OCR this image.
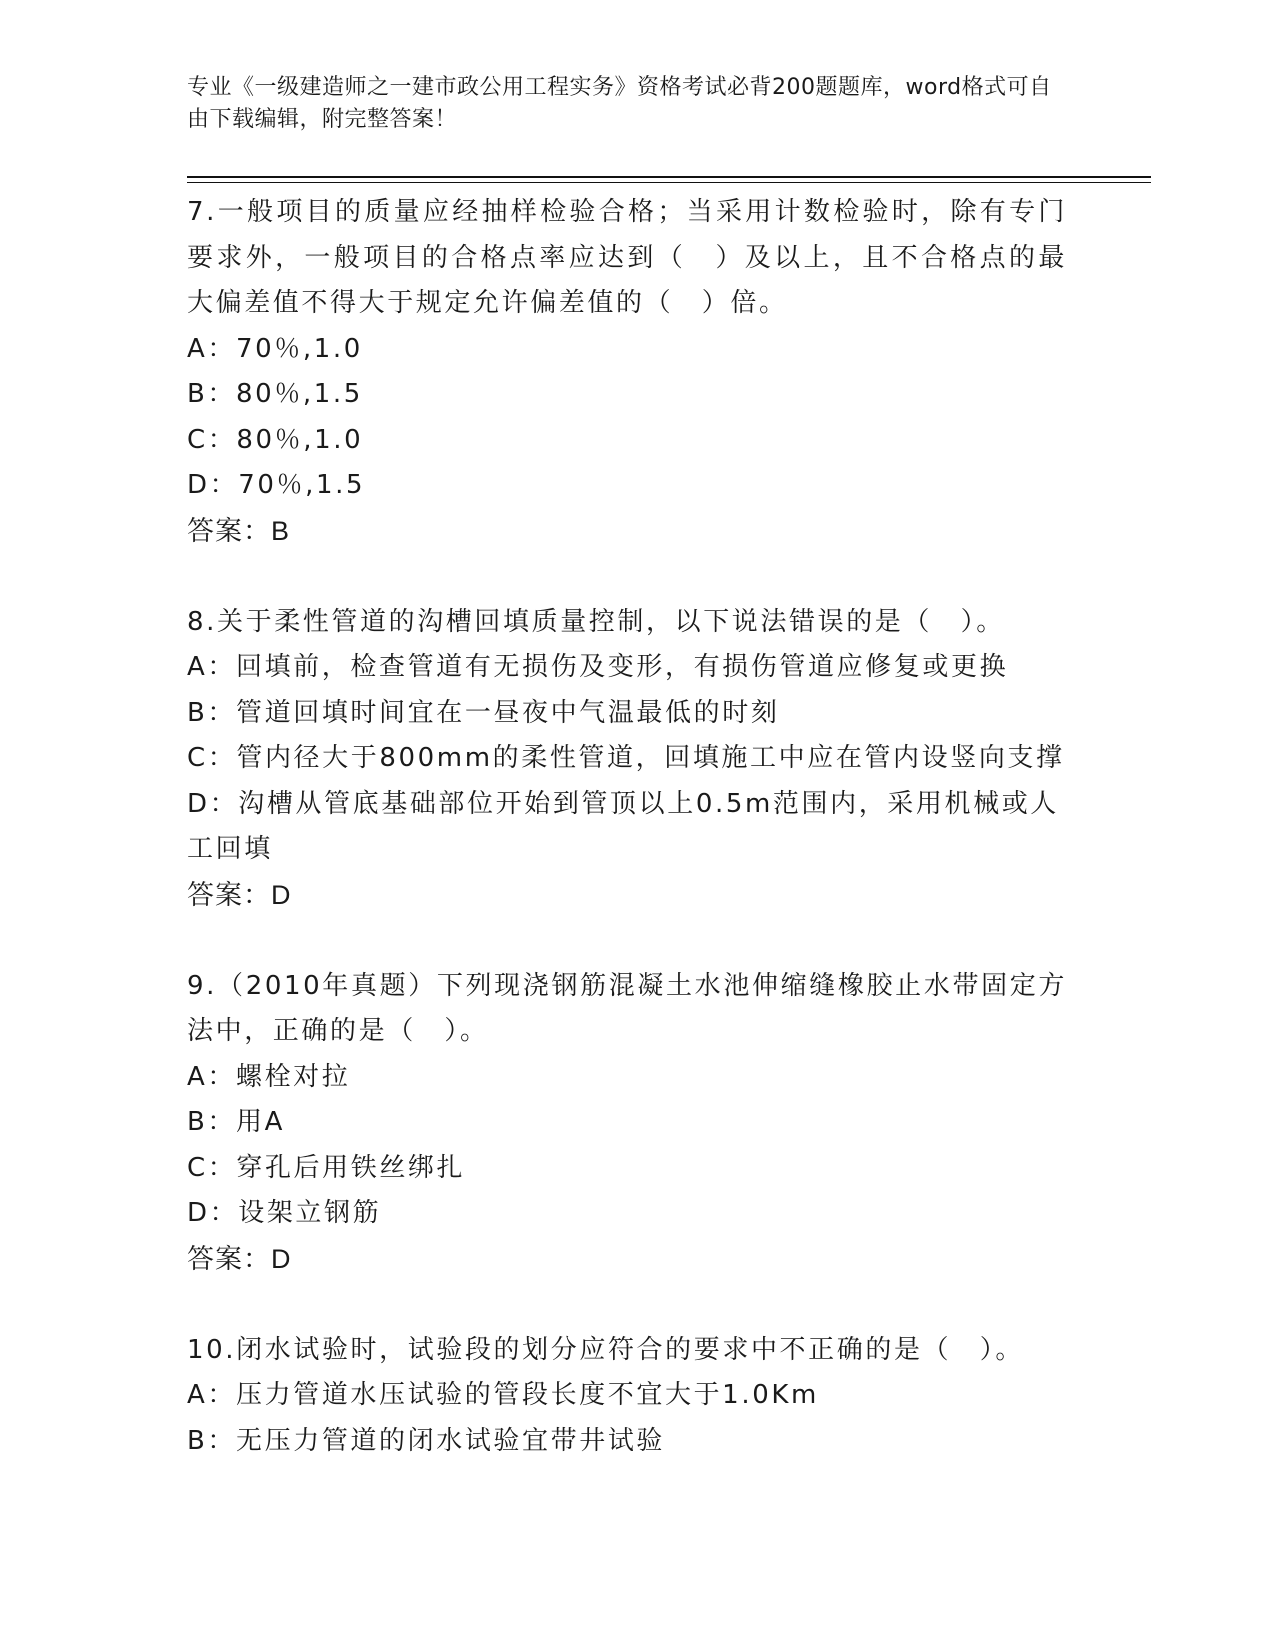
专业《一级建造师之一建市政公用工程实务》资格考试必背200题题库，word格式可自由下载编辑，附完整答案！

7.一般项目的质量应经抽样检验合格；当采用计数检验时，除有专门要求外，一般项目的合格点率应达到（　）及以上，且不合格点的最大偏差值不得大于规定允许偏差值的（　）倍。

A：70％,1.0

B：80％,1.5

C：80％,1.0

D：70％,1.5

答案：B

8.关于柔性管道的沟槽回填质量控制，以下说法错误的是（　）。

A：回填前，检查管道有无损伤及变形，有损伤管道应修复或更换

B：管道回填时间宜在一昼夜中气温最低的时刻

C：管内径大于800mm的柔性管道，回填施工中应在管内设竖向支撑

D：沟槽从管底基础部位开始到管顶以上0.5m范围内，采用机械或人工回填

答案：D

9.（2010年真题）下列现浇钢筋混凝土水池伸缩缝橡胶止水带固定方法中，正确的是（　）。

A：螺栓对拉

B：用A

C：穿孔后用铁丝绑扎

D：设架立钢筋

答案：D

10.闭水试验时，试验段的划分应符合的要求中不正确的是（　）。

A：压力管道水压试验的管段长度不宜大于1.0Km

B：无压力管道的闭水试验宜带井试验
